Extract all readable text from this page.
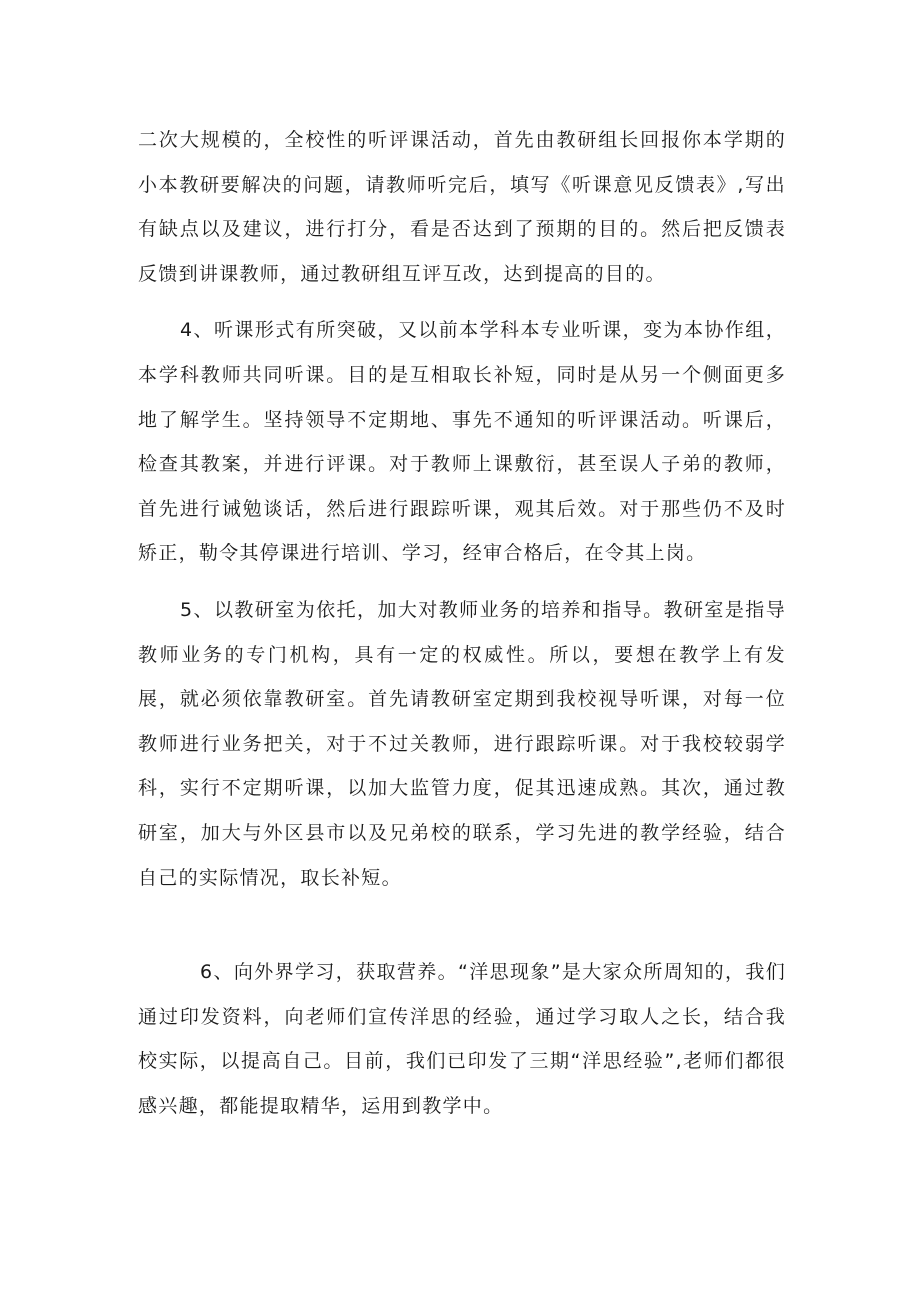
二次大规模的，全校性的听评课活动，首先由教研组长回报你本学期的小本教研要解决的问题，请教师听完后，填写《听课意见反馈表》,写出有缺点以及建议，进行打分，看是否达到了预期的目的。然后把反馈表反馈到讲课教师，通过教研组互评互改，达到提高的目的。

4、听课形式有所突破，又以前本学科本专业听课，变为本协作组，本学科教师共同听课。目的是互相取长补短，同时是从另一个侧面更多地了解学生。坚持领导不定期地、事先不通知的听评课活动。听课后，检查其教案，并进行评课。对于教师上课敷衍，甚至误人子弟的教师，首先进行诫勉谈话，然后进行跟踪听课，观其后效。对于那些仍不及时矫正，勒令其停课进行培训、学习，经审合格后，在令其上岗。

5、以教研室为依托，加大对教师业务的培养和指导。教研室是指导教师业务的专门机构，具有一定的权威性。所以，要想在教学上有发展，就必须依靠教研室。首先请教研室定期到我校视导听课，对每一位教师进行业务把关，对于不过关教师，进行跟踪听课。对于我校较弱学科，实行不定期听课，以加大监管力度，促其迅速成熟。其次，通过教研室，加大与外区县市以及兄弟校的联系，学习先进的教学经验，结合自己的实际情况，取长补短。

6、向外界学习，获取营养。“洋思现象”是大家众所周知的，我们通过印发资料，向老师们宣传洋思的经验，通过学习取人之长，结合我校实际，以提高自己。目前，我们已印发了三期“洋思经验”,老师们都很感兴趣，都能提取精华，运用到教学中。
